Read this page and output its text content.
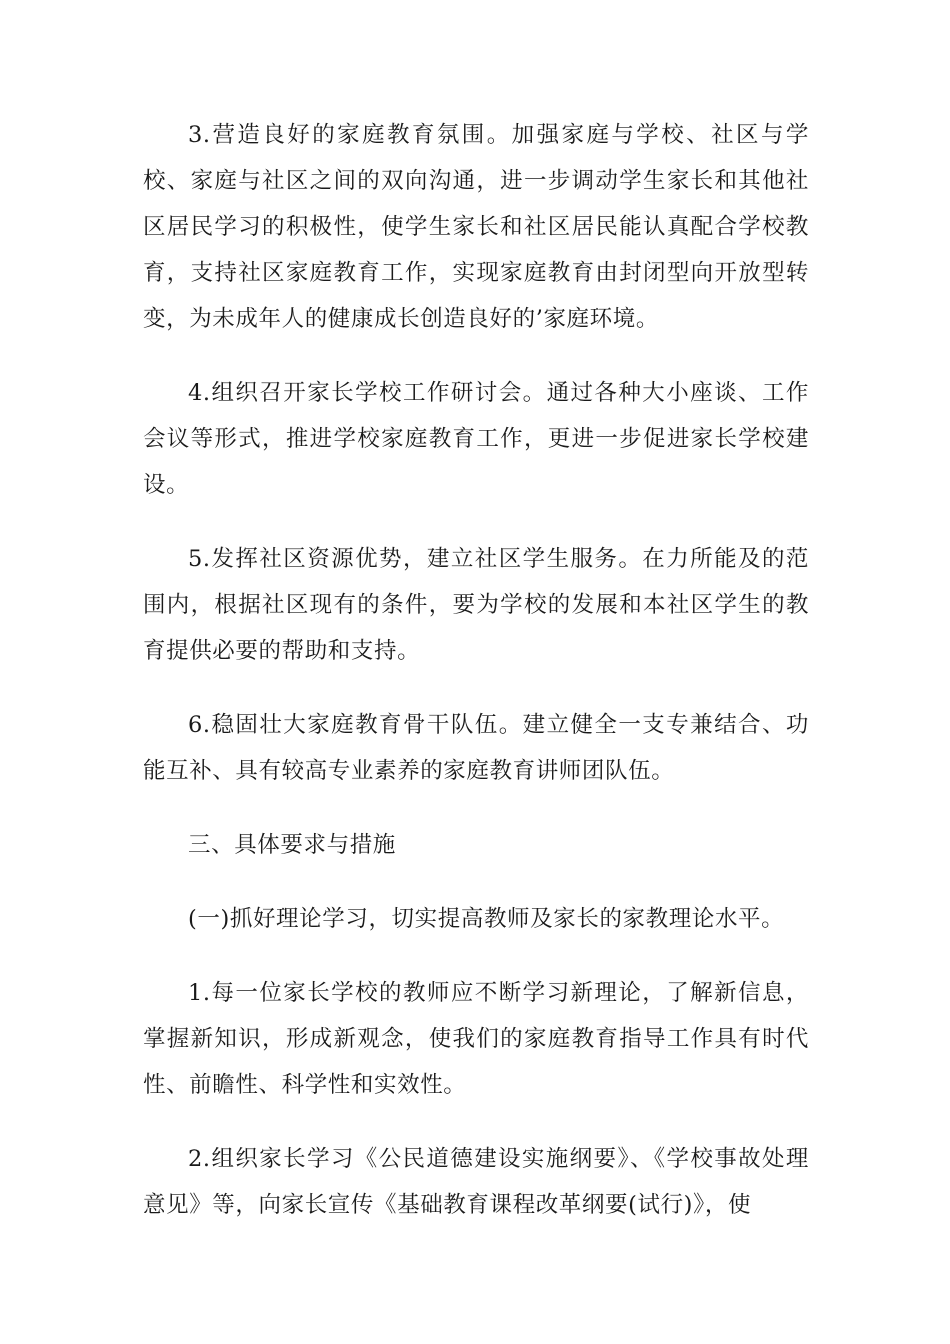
3.营造良好的家庭教育氛围。加强家庭与学校、社区与学校、家庭与社区之间的双向沟通，进一步调动学生家长和其他社区居民学习的积极性，使学生家长和社区居民能认真配合学校教育，支持社区家庭教育工作，实现家庭教育由封闭型向开放型转变，为未成年人的健康成长创造良好的’家庭环境。

4.组织召开家长学校工作研讨会。通过各种大小座谈、工作会议等形式，推进学校家庭教育工作，更进一步促进家长学校建设。

5.发挥社区资源优势，建立社区学生服务。在力所能及的范围内，根据社区现有的条件，要为学校的发展和本社区学生的教育提供必要的帮助和支持。

6.稳固壮大家庭教育骨干队伍。建立健全一支专兼结合、功能互补、具有较高专业素养的家庭教育讲师团队伍。

三、具体要求与措施

(一)抓好理论学习，切实提高教师及家长的家教理论水平。

1.每一位家长学校的教师应不断学习新理论，了解新信息，掌握新知识，形成新观念，使我们的家庭教育指导工作具有时代性、前瞻性、科学性和实效性。

2.组织家长学习《公民道德建设实施纲要》、《学校事故处理意见》等，向家长宣传《基础教育课程改革纲要(试行)》，使
